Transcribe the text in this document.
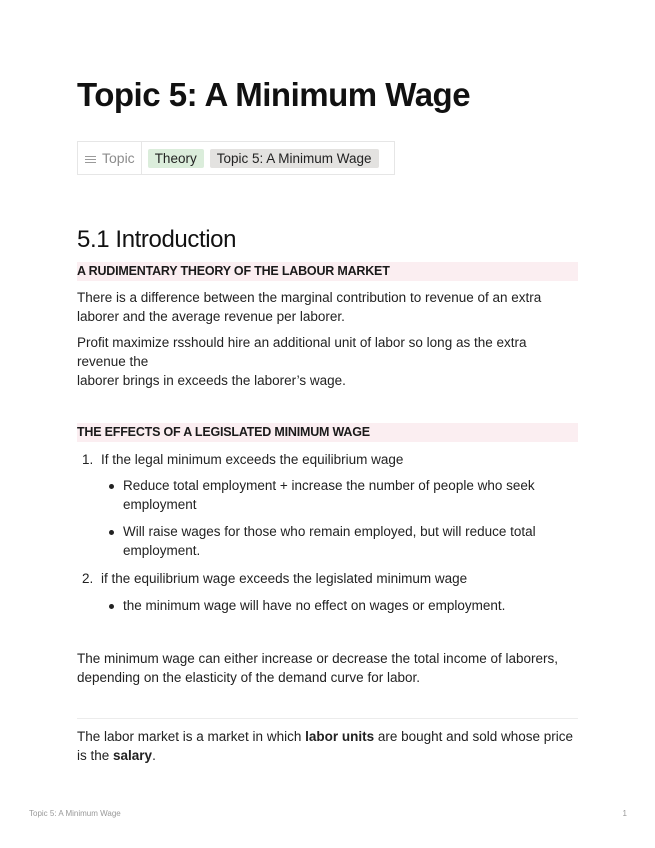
Topic 5: A Minimum Wage
Topic	Theory	Topic 5: A Minimum Wage
5.1 Introduction
A RUDIMENTARY THEORY OF THE LABOUR MARKET

There is a difference between the marginal contribution to revenue of an extra

laborer and the average revenue per laborer.

Profit maximize rsshould hire an additional unit of labor so long as the extra

revenue the

laborer brings in exceeds the laborer’s wage.

THE EFFECTS OF A LEGISLATED MINIMUM WAGE
1. If the legal minimum exceeds the equilibrium wage
Reduce total employment + increase the number of people who seek
employment
Will raise wages for those who remain employed, but will reduce total
employment.
2. if the equilibrium wage exceeds the legislated minimum wage
the minimum wage will have no effect on wages or employment.

The minimum wage can either increase or decrease the total income of laborers,

depending on the elasticity of the demand curve for labor.

The labor market is a market in which labor units are bought and sold whose price

is the salary.

Topic 5: A Minimum Wage	1
